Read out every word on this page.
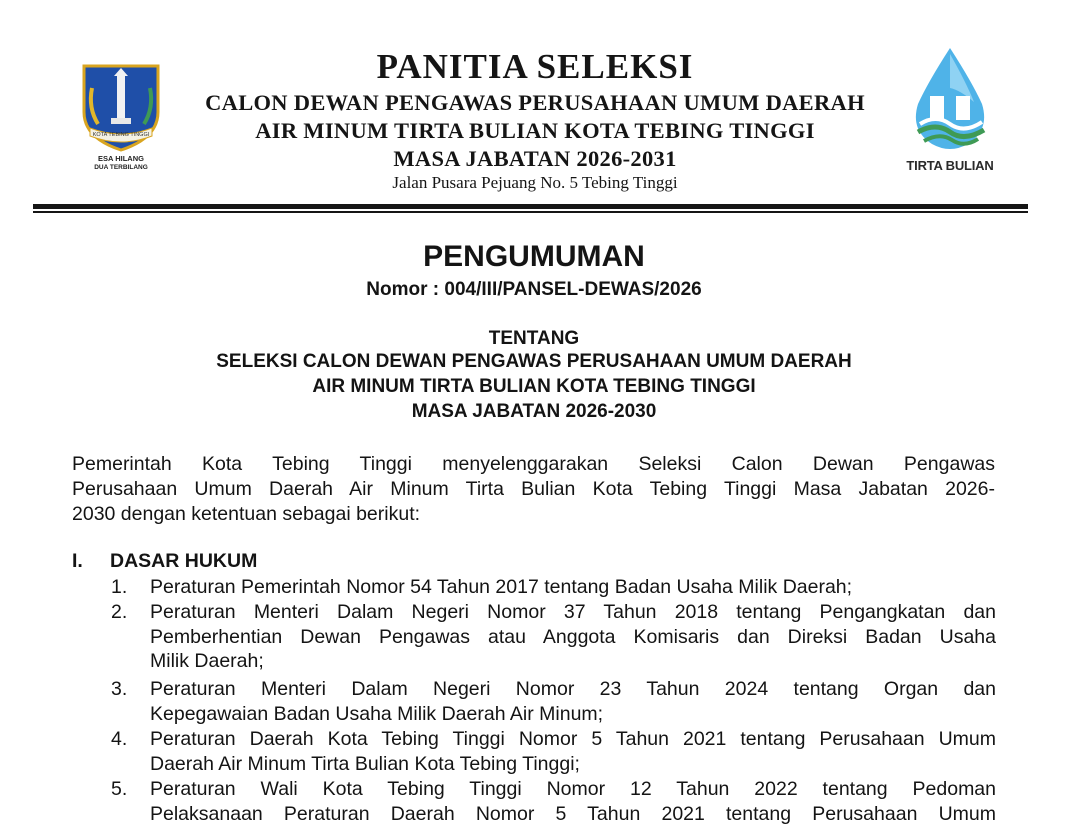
KOTA TEBING TINGGI
ESA HILANG
DUA TERBILANG
PANITIA SELEKSI
CALON DEWAN PENGAWAS PERUSAHAAN UMUM DAERAH
AIR MINUM TIRTA BULIAN KOTA TEBING TINGGI
MASA JABATAN 2026-2031
Jalan Pusara Pejuang No. 5 Tebing Tinggi
TIRTA BULIAN
PENGUMUMAN
Nomor : 004/III/PANSEL-DEWAS/2026
TENTANG
SELEKSI CALON DEWAN PENGAWAS PERUSAHAAN UMUM DAERAH
AIR MINUM TIRTA BULIAN KOTA TEBING TINGGI
MASA JABATAN 2026-2030
Pemerintah Kota Tebing Tinggi menyelenggarakan Seleksi Calon Dewan Pengawas
Perusahaan Umum Daerah Air Minum Tirta Bulian Kota Tebing Tinggi Masa Jabatan 2026-
2030 dengan ketentuan sebagai berikut:
I. DASAR HUKUM
1. Peraturan Pemerintah Nomor 54 Tahun 2017 tentang Badan Usaha Milik Daerah;
2. Peraturan Menteri Dalam Negeri Nomor 37 Tahun 2018 tentang Pengangkatan dan
Pemberhentian Dewan Pengawas atau Anggota Komisaris dan Direksi Badan Usaha
Milik Daerah;
3. Peraturan Menteri Dalam Negeri Nomor 23 Tahun 2024 tentang Organ dan
Kepegawaian Badan Usaha Milik Daerah Air Minum;
4. Peraturan Daerah Kota Tebing Tinggi Nomor 5 Tahun 2021 tentang Perusahaan Umum
Daerah Air Minum Tirta Bulian Kota Tebing Tinggi;
5. Peraturan Wali Kota Tebing Tinggi Nomor 12 Tahun 2022 tentang Pedoman
Pelaksanaan Peraturan Daerah Nomor 5 Tahun 2021 tentang Perusahaan Umum
